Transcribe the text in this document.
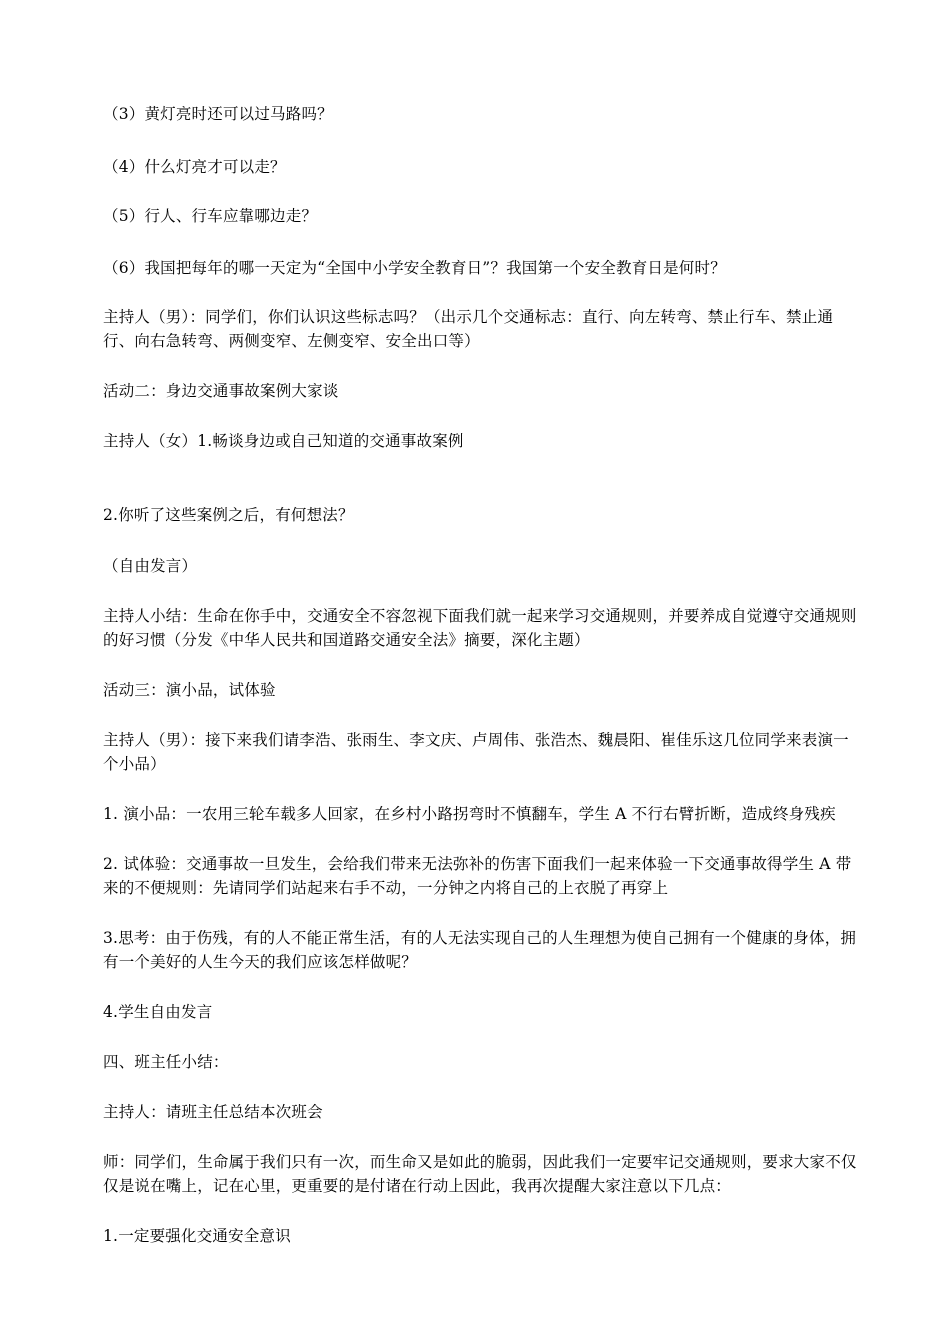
（3）黄灯亮时还可以过马路吗？

（4）什么灯亮才可以走？

（5）行人、行车应靠哪边走？

（6）我国把每年的哪一天定为“全国中小学安全教育日”？我国第一个安全教育日是何时？

主持人（男）：同学们，你们认识这些标志吗？（出示几个交通标志：直行、向左转弯、禁止行车、禁止通行、向右急转弯、两侧变窄、左侧变窄、安全出口等）

活动二：身边交通事故案例大家谈

主持人（女）1.畅谈身边或自己知道的交通事故案例

2.你听了这些案例之后，有何想法？

（自由发言）

主持人小结：生命在你手中，交通安全不容忽视下面我们就一起来学习交通规则，并要养成自觉遵守交通规则的好习惯（分发《中华人民共和国道路交通安全法》摘要，深化主题）

活动三：演小品，试体验

主持人（男）：接下来我们请李浩、张雨生、李文庆、卢周伟、张浩杰、魏晨阳、崔佳乐这几位同学来表演一个小品）

1. 演小品：一农用三轮车载多人回家，在乡村小路拐弯时不慎翻车，学生 A 不行右臂折断，造成终身残疾

2. 试体验：交通事故一旦发生，会给我们带来无法弥补的伤害下面我们一起来体验一下交通事故得学生 A 带来的不便规则：先请同学们站起来右手不动，一分钟之内将自己的上衣脱了再穿上

3.思考：由于伤残，有的人不能正常生活，有的人无法实现自己的人生理想为使自己拥有一个健康的身体，拥有一个美好的人生今天的我们应该怎样做呢？

4.学生自由发言

四、班主任小结：

主持人：请班主任总结本次班会

师：同学们，生命属于我们只有一次，而生命又是如此的脆弱，因此我们一定要牢记交通规则，要求大家不仅仅是说在嘴上，记在心里，更重要的是付诸在行动上因此，我再次提醒大家注意以下几点：

1.一定要强化交通安全意识
